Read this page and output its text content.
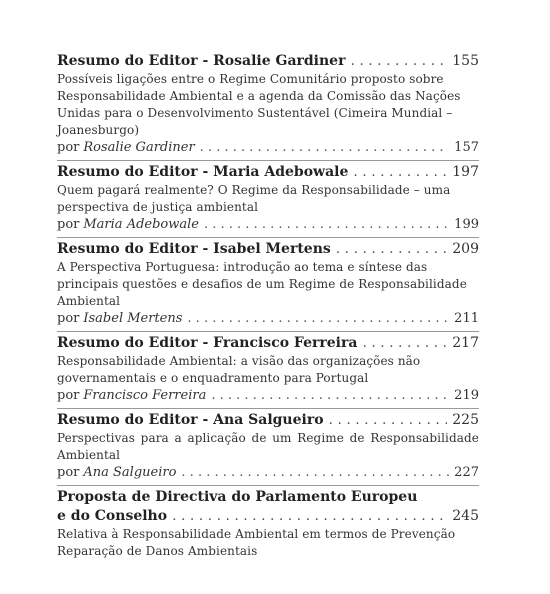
Resumo do Editor - Rosalie Gardiner . . .	155
Possíveis ligações entre o Regime Comunitário proposto sobre Responsabilidade Ambiental e a agenda da Comissão das Nações Unidas para o Desenvolvimento Sustentável (Cimeira Mundial – Joanesburgo)
por Rosalie Gardiner . . .	157
Resumo do Editor - Maria Adebowale . . .	197
Quem pagará realmente? O Regime da Responsabilidade – uma perspectiva de justiça ambiental
por Maria Adebowale . . .	199
Resumo do Editor - Isabel Mertens . . .	209
A Perspectiva Portuguesa: introdução ao tema e síntese das principais questões e desafios de um Regime de Responsabilidade Ambiental
por Isabel Mertens . . .	211
Resumo do Editor - Francisco Ferreira . . .	217
Responsabilidade Ambiental: a visão das organizações não governamentais e o enquadramento para Portugal
por Francisco Ferreira . . .	219
Resumo do Editor - Ana Salgueiro . . .	225
Perspectivas para a aplicação de um Regime de Responsabilidade Ambiental
por Ana Salgueiro . . .	227
Proposta de Directiva do Parlamento Europeu
e do Conselho . . .	245
Relativa à Responsabilidade Ambiental em termos de Prevenção Reparação de Danos Ambientais
